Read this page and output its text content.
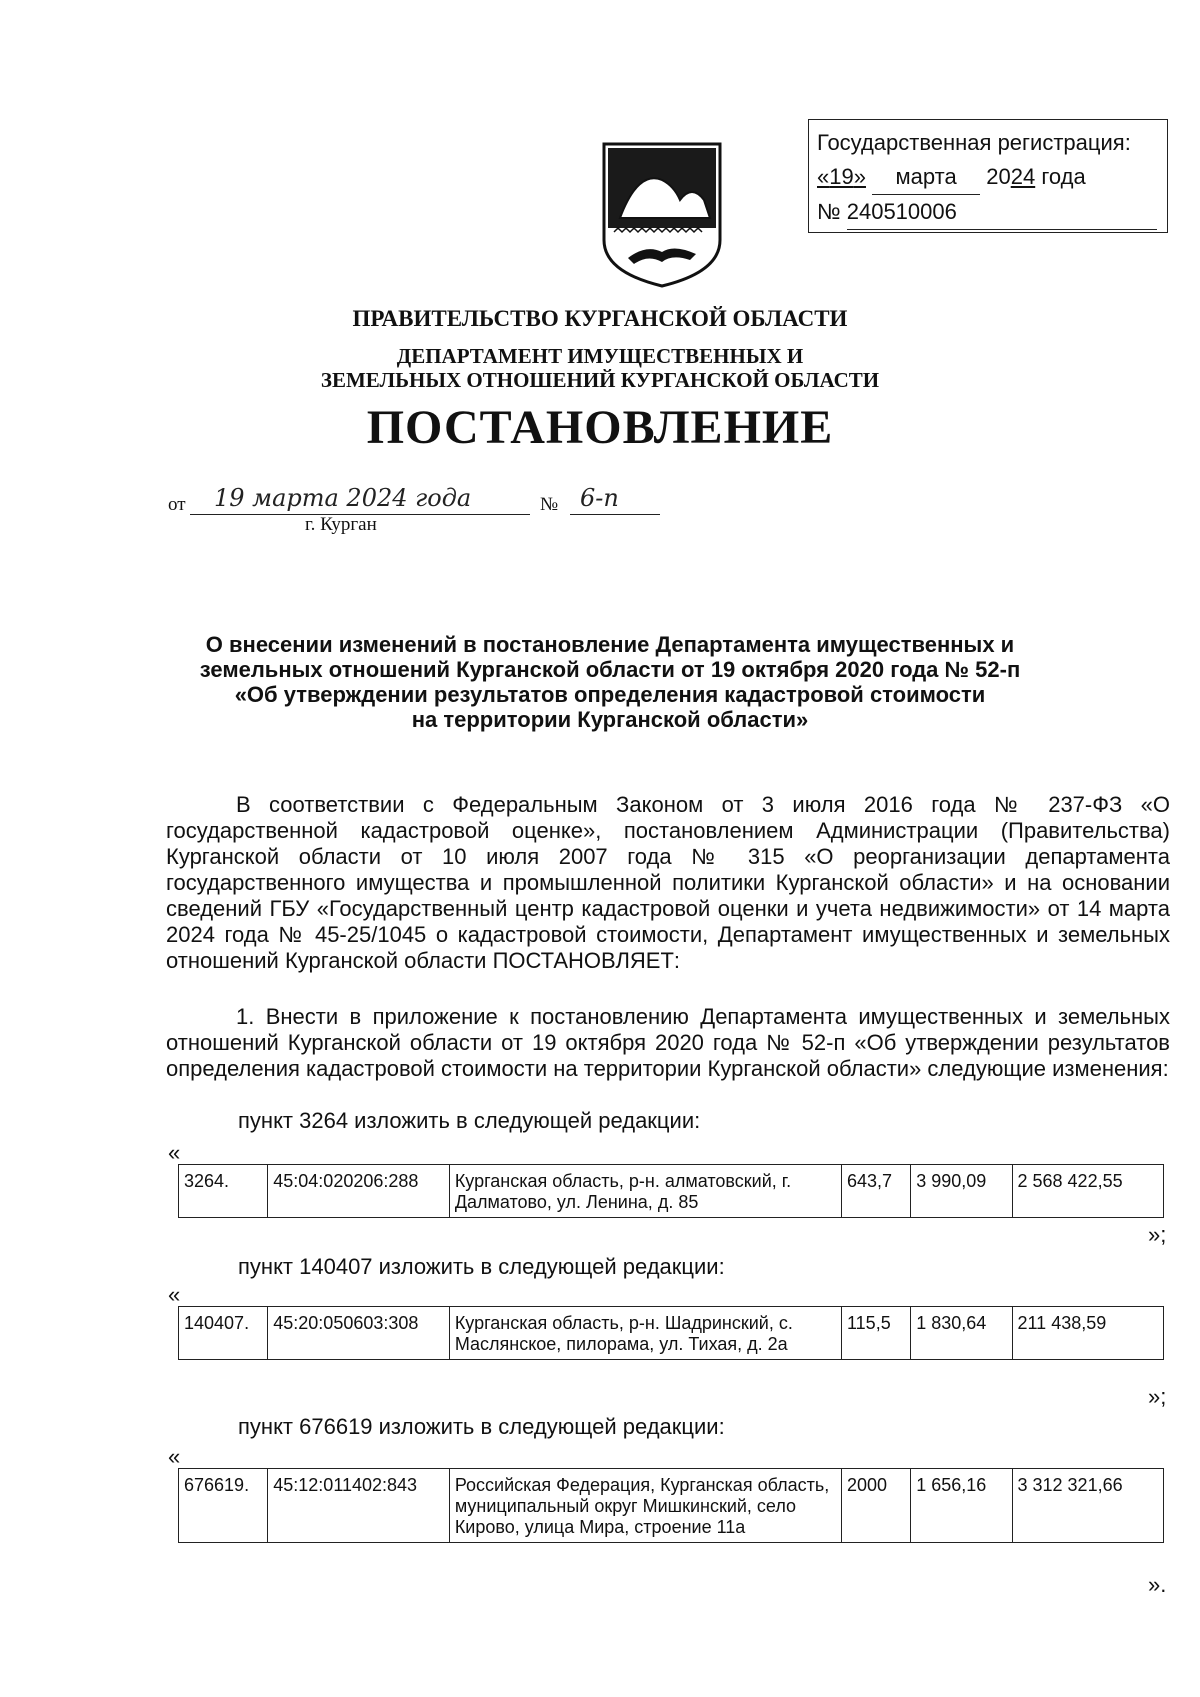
Государственная регистрация:
«19» марта 2024 года
№ 240510006
ПРАВИТЕЛЬСТВО КУРГАНСКОЙ ОБЛАСТИ
ДЕПАРТАМЕНТ ИМУЩЕСТВЕННЫХ И
ЗЕМЕЛЬНЫХ ОТНОШЕНИЙ КУРГАНСКОЙ ОБЛАСТИ
ПОСТАНОВЛЕНИЕ
от 19 марта 2024 года	№ 6-п
г. Курган
О внесении изменений в постановление Департамента имущественных и
земельных отношений Курганской области от 19 октября 2020 года № 52-п
«Об утверждении результатов определения кадастровой стоимости
на территории Курганской области»
В соответствии с Федеральным Законом от 3 июля 2016 года № 237-ФЗ «О государственной кадастровой оценке», постановлением Администрации (Правительства) Курганской области от 10 июля 2007 года № 315 «О реорганизации департамента государственного имущества и промышленной политики Курганской области» и на основании сведений ГБУ «Государственный центр кадастровой оценки и учета недвижимости» от 14 марта 2024 года № 45-25/1045 о кадастровой стоимости, Департамент имущественных и земельных отношений Курганской области ПОСТАНОВЛЯЕТ:
1. Внести в приложение к постановлению Департамента имущественных и земельных отношений Курганской области от 19 октября 2020 года № 52-п «Об утверждении результатов определения кадастровой стоимости на территории Курганской области» следующие изменения:
пункт 3264 изложить в следующей редакции:
«
3264.	45:04:020206:288	Курганская область, р-н. алматовский, г. Далматово, ул. Ленина, д. 85	643,7	3 990,09	2 568 422,55
»;
пункт 140407 изложить в следующей редакции:
«
140407.	45:20:050603:308	Курганская область, р-н. Шадринский, с. Маслянское, пилорама, ул. Тихая, д. 2а	115,5	1 830,64	211 438,59
»;
пункт 676619 изложить в следующей редакции:
«
676619.	45:12:011402:843	Российская Федерация, Курганская область, муниципальный округ Мишкинский, село Кирово, улица Мира, строение 11а	2000	1 656,16	3 312 321,66
».
